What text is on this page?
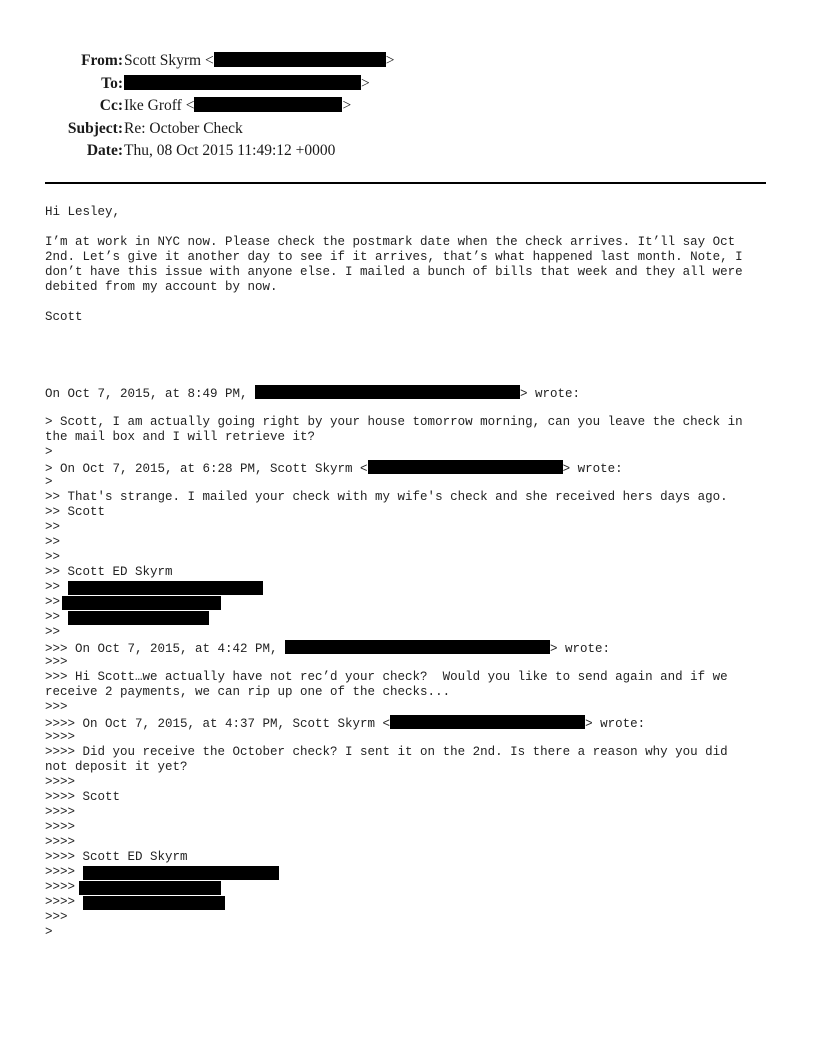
From: Scott Skyrm <	>
To:	>
Cc: Ike Groff <	>
Subject: Re: October Check
Date: Thu, 08 Oct 2015 11:49:12 +0000
Hi Lesley,
I’m at work in NYC now. Please check the postmark date when the check arrives. It’ll say Oct
2nd. Let’s give it another day to see if it arrives, that’s what happened last month. Note, I
don’t have this issue with anyone else. I mailed a bunch of bills that week and they all were
debited from my account by now.
Scott
On Oct 7, 2015, at 8:49 PM,	> wrote:
> Scott, I am actually going right by your house tomorrow morning, can you leave the check in
the mail box and I will retrieve it?
>
> On Oct 7, 2015, at 6:28 PM, Scott Skyrm <	> wrote:
>
>> That's strange. I mailed your check with my wife's check and she received hers days ago.
>> Scott
>>
>>
>>
>> Scott ED Skyrm
>>
>>
>>
>>
>>> On Oct 7, 2015, at 4:42 PM,	> wrote:
>>>
>>> Hi Scott…we actually have not rec’d your check?  Would you like to send again and if we
receive 2 payments, we can rip up one of the checks...
>>>
>>>> On Oct 7, 2015, at 4:37 PM, Scott Skyrm <	> wrote:
>>>>
>>>> Did you receive the October check? I sent it on the 2nd. Is there a reason why you did
not deposit it yet?
>>>>
>>>> Scott
>>>>
>>>>
>>>>
>>>> Scott ED Skyrm
>>>>
>>>>
>>>>
>>>
>
